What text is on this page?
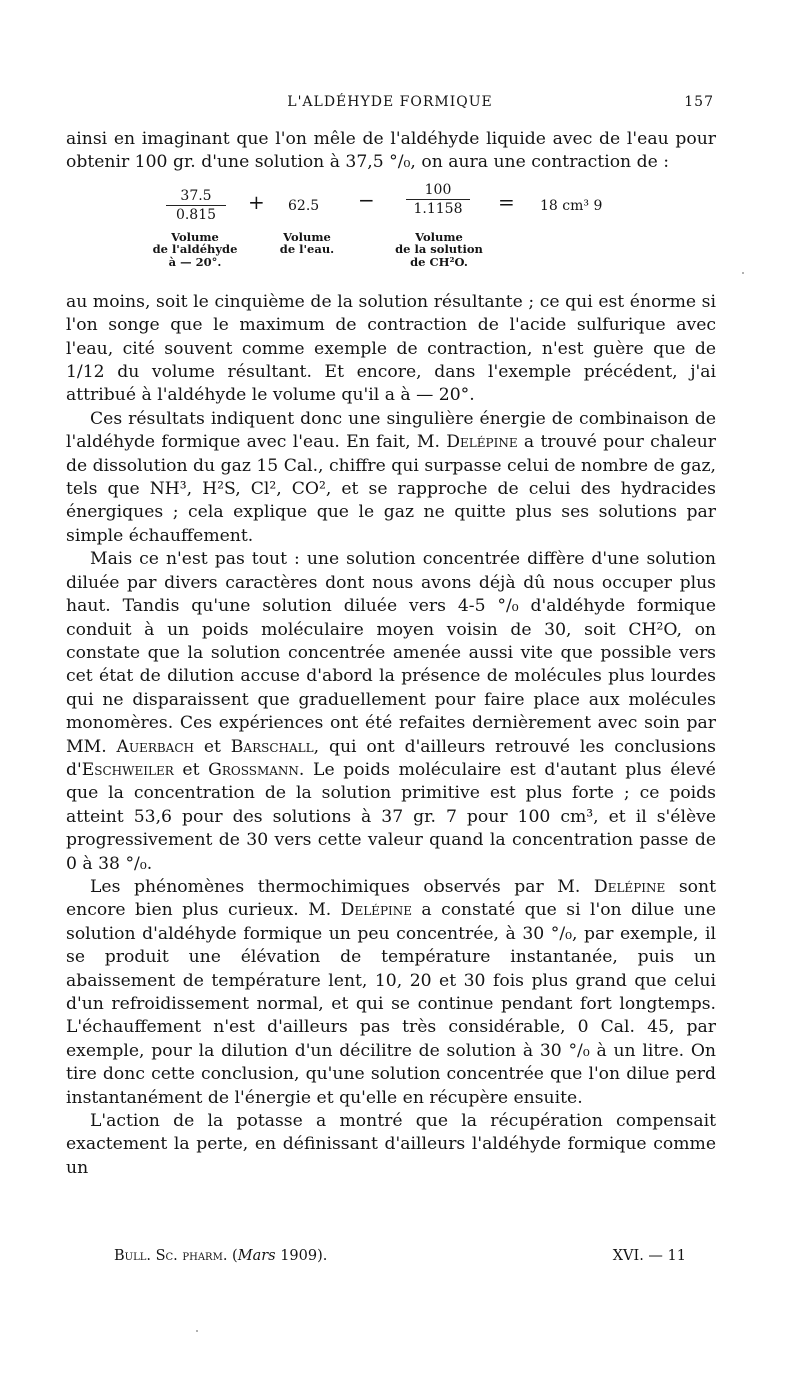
L'ALDÉHYDE FORMIQUE	157

ainsi en imaginant que l'on mêle de l'aldéhyde liquide avec de l'eau pour obtenir 100 gr. d'une solution à 37,5 °/₀, on aura une contraction de :

$\frac{37.5}{0.815} + 62.5 - \frac{100}{1.1158} = 18$ cm³ 9
Volume
de l'aldéhyde
à — 20°.
Volume
de l'eau.
Volume
de la solution
de CH²O.

au moins, soit le cinquième de la solution résultante ; ce qui est énorme si l'on songe que le maximum de contraction de l'acide sulfurique avec l'eau, cité souvent comme exemple de contraction, n'est guère que de 1/12 du volume résultant. Et encore, dans l'exemple précédent, j'ai attribué à l'aldéhyde le volume qu'il a à — 20°.

Ces résultats indiquent donc une singulière énergie de combinaison de l'aldéhyde formique avec l'eau. En fait, M. Delépine a trouvé pour chaleur de dissolution du gaz 15 Cal., chiffre qui surpasse celui de nombre de gaz, tels que NH³, H²S, Cl², CO², et se rapproche de celui des hydracides énergiques ; cela explique que le gaz ne quitte plus ses solutions par simple échauffement.

Mais ce n'est pas tout : une solution concentrée diffère d'une solution diluée par divers caractères dont nous avons déjà dû nous occuper plus haut. Tandis qu'une solution diluée vers 4-5 °/₀ d'aldéhyde formique conduit à un poids moléculaire moyen voisin de 30, soit CH²O, on constate que la solution concentrée amenée aussi vite que possible vers cet état de dilution accuse d'abord la présence de molécules plus lourdes qui ne disparaissent que graduellement pour faire place aux molécules monomères. Ces expériences ont été refaites dernièrement avec soin par MM. Auerbach et Barschall, qui ont d'ailleurs retrouvé les conclusions d'Eschweiler et Grossmann. Le poids moléculaire est d'autant plus élevé que la concentration de la solution primitive est plus forte ; ce poids atteint 53,6 pour des solutions à 37 gr. 7 pour 100 cm³, et il s'élève progressivement de 30 vers cette valeur quand la concentration passe de 0 à 38 °/₀.

Les phénomènes thermochimiques observés par M. Delépine sont encore bien plus curieux. M. Delépine a constaté que si l'on dilue une solution d'aldéhyde formique un peu concentrée, à 30 °/₀, par exemple, il se produit une élévation de température instantanée, puis un abaissement de température lent, 10, 20 et 30 fois plus grand que celui d'un refroidissement normal, et qui se continue pendant fort longtemps. L'échauffement n'est d'ailleurs pas très considérable, 0 Cal. 45, par exemple, pour la dilution d'un décilitre de solution à 30 °/₀ à un litre. On tire donc cette conclusion, qu'une solution concentrée que l'on dilue perd instantanément de l'énergie et qu'elle en récupère ensuite.

L'action de la potasse a montré que la récupération compensait exactement la perte, en définissant d'ailleurs l'aldéhyde formique comme un

Bull. Sc. pharm. (Mars 1909).	XVI. — 11
